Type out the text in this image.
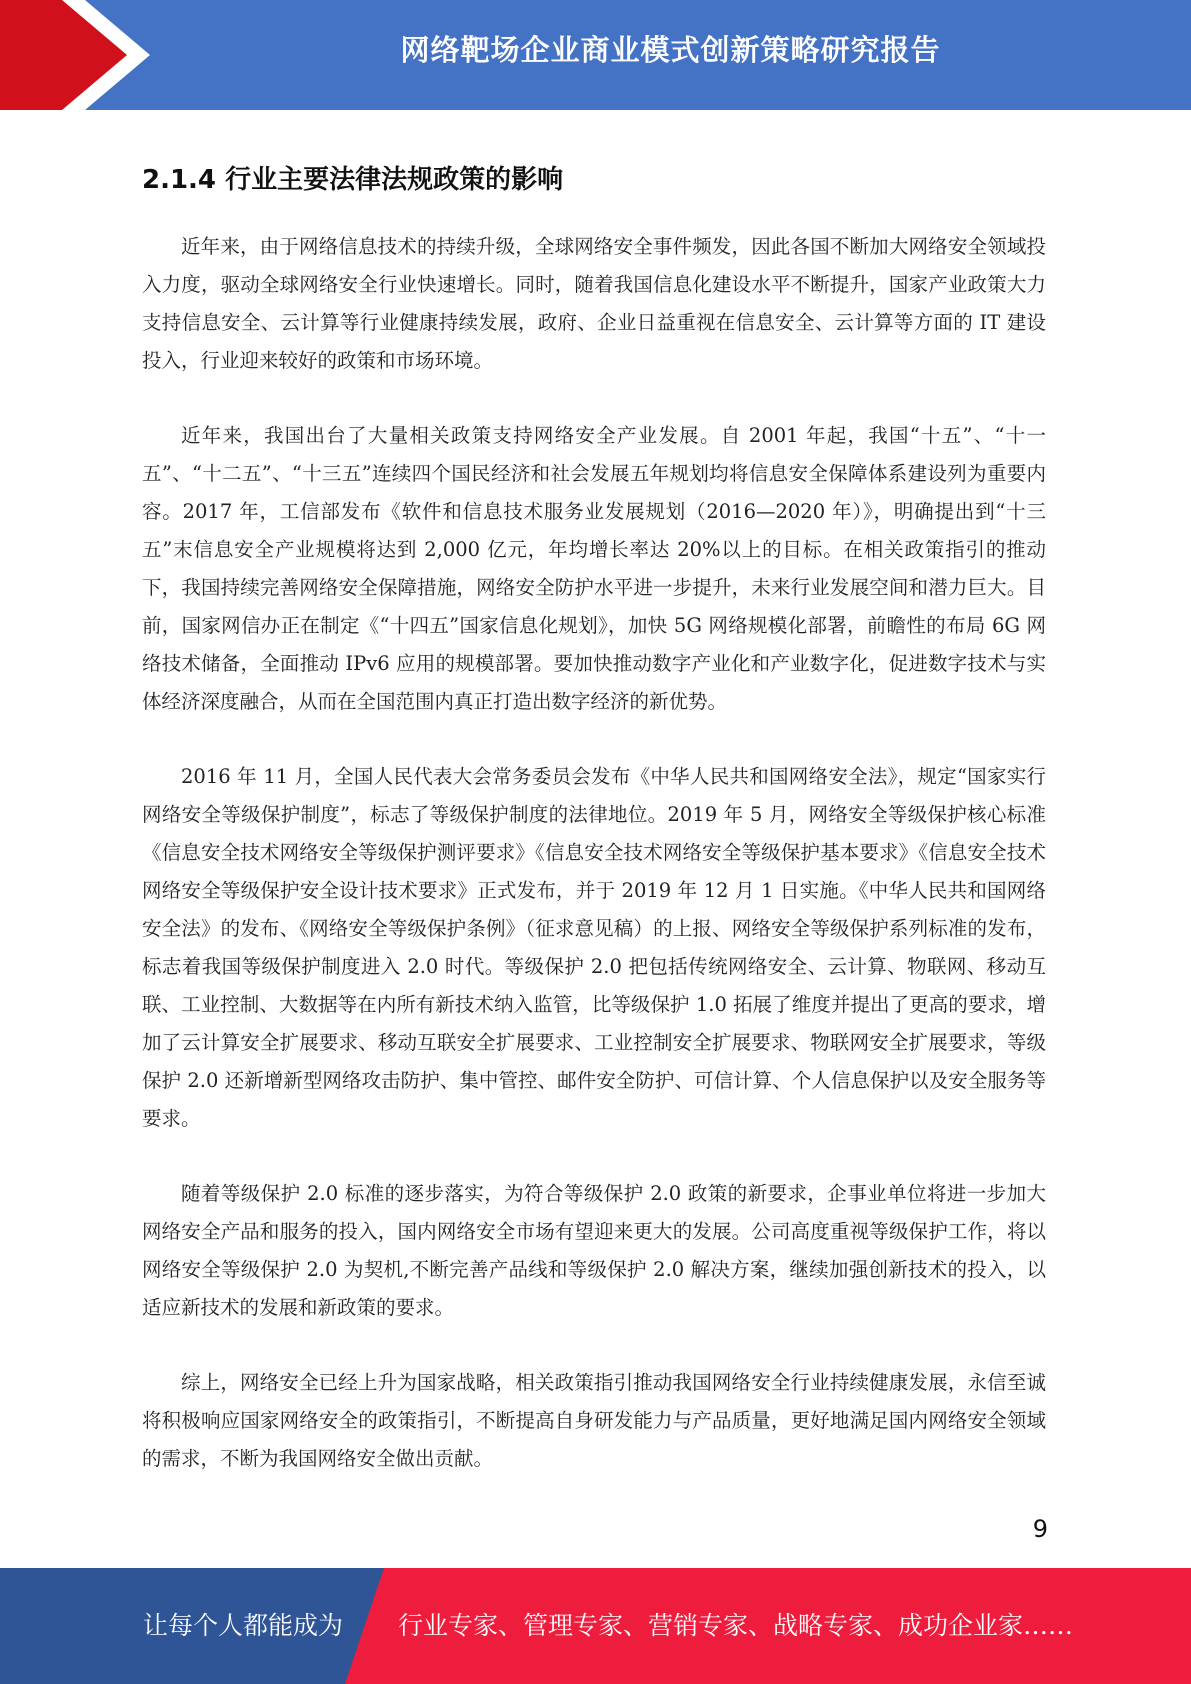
网络靶场企业商业模式创新策略研究报告
2.1.4 行业主要法律法规政策的影响

近年来，由于网络信息技术的持续升级，全球网络安全事件频发，因此各国不断加大网络安全领域投入力度，驱动全球网络安全行业快速增长。同时，随着我国信息化建设水平不断提升，国家产业政策大力支持信息安全、云计算等行业健康持续发展，政府、企业日益重视在信息安全、云计算等方面的 IT 建设投入，行业迎来较好的政策和市场环境。

近年来，我国出台了大量相关政策支持网络安全产业发展。自 2001 年起，我国“十五”、“十一五”、“十二五”、“十三五”连续四个国民经济和社会发展五年规划均将信息安全保障体系建设列为重要内容。2017 年，工信部发布《软件和信息技术服务业发展规划（2016—2020 年）》，明确提出到“十三五”末信息安全产业规模将达到 2,000 亿元，年均增长率达 20%以上的目标。在相关政策指引的推动下，我国持续完善网络安全保障措施，网络安全防护水平进一步提升，未来行业发展空间和潜力巨大。目前，国家网信办正在制定《“十四五”国家信息化规划》，加快 5G 网络规模化部署，前瞻性的布局 6G 网络技术储备，全面推动 IPv6 应用的规模部署。要加快推动数字产业化和产业数字化，促进数字技术与实体经济深度融合，从而在全国范围内真正打造出数字经济的新优势。

2016 年 11 月，全国人民代表大会常务委员会发布《中华人民共和国网络安全法》，规定“国家实行网络安全等级保护制度”，标志了等级保护制度的法律地位。2019 年 5 月，网络安全等级保护核心标准《信息安全技术网络安全等级保护测评要求》《信息安全技术网络安全等级保护基本要求》《信息安全技术网络安全等级保护安全设计技术要求》正式发布，并于 2019 年 12 月 1 日实施。《中华人民共和国网络安全法》的发布、《网络安全等级保护条例》（征求意见稿）的上报、网络安全等级保护系列标准的发布，标志着我国等级保护制度进入 2.0 时代。等级保护 2.0 把包括传统网络安全、云计算、物联网、移动互联、工业控制、大数据等在内所有新技术纳入监管，比等级保护 1.0 拓展了维度并提出了更高的要求，增加了云计算安全扩展要求、移动互联安全扩展要求、工业控制安全扩展要求、物联网安全扩展要求，等级保护 2.0 还新增新型网络攻击防护、集中管控、邮件安全防护、可信计算、个人信息保护以及安全服务等要求。

随着等级保护 2.0 标准的逐步落实，为符合等级保护 2.0 政策的新要求，企事业单位将进一步加大网络安全产品和服务的投入，国内网络安全市场有望迎来更大的发展。公司高度重视等级保护工作，将以网络安全等级保护 2.0 为契机,不断完善产品线和等级保护 2.0 解决方案，继续加强创新技术的投入，以适应新技术的发展和新政策的要求。

综上，网络安全已经上升为国家战略，相关政策指引推动我国网络安全行业持续健康发展，永信至诚将积极响应国家网络安全的政策指引，不断提高自身研发能力与产品质量，更好地满足国内网络安全领域的需求，不断为我国网络安全做出贡献。

9
让每个人都能成为 行业专家、管理专家、营销专家、战略专家、成功企业家……
